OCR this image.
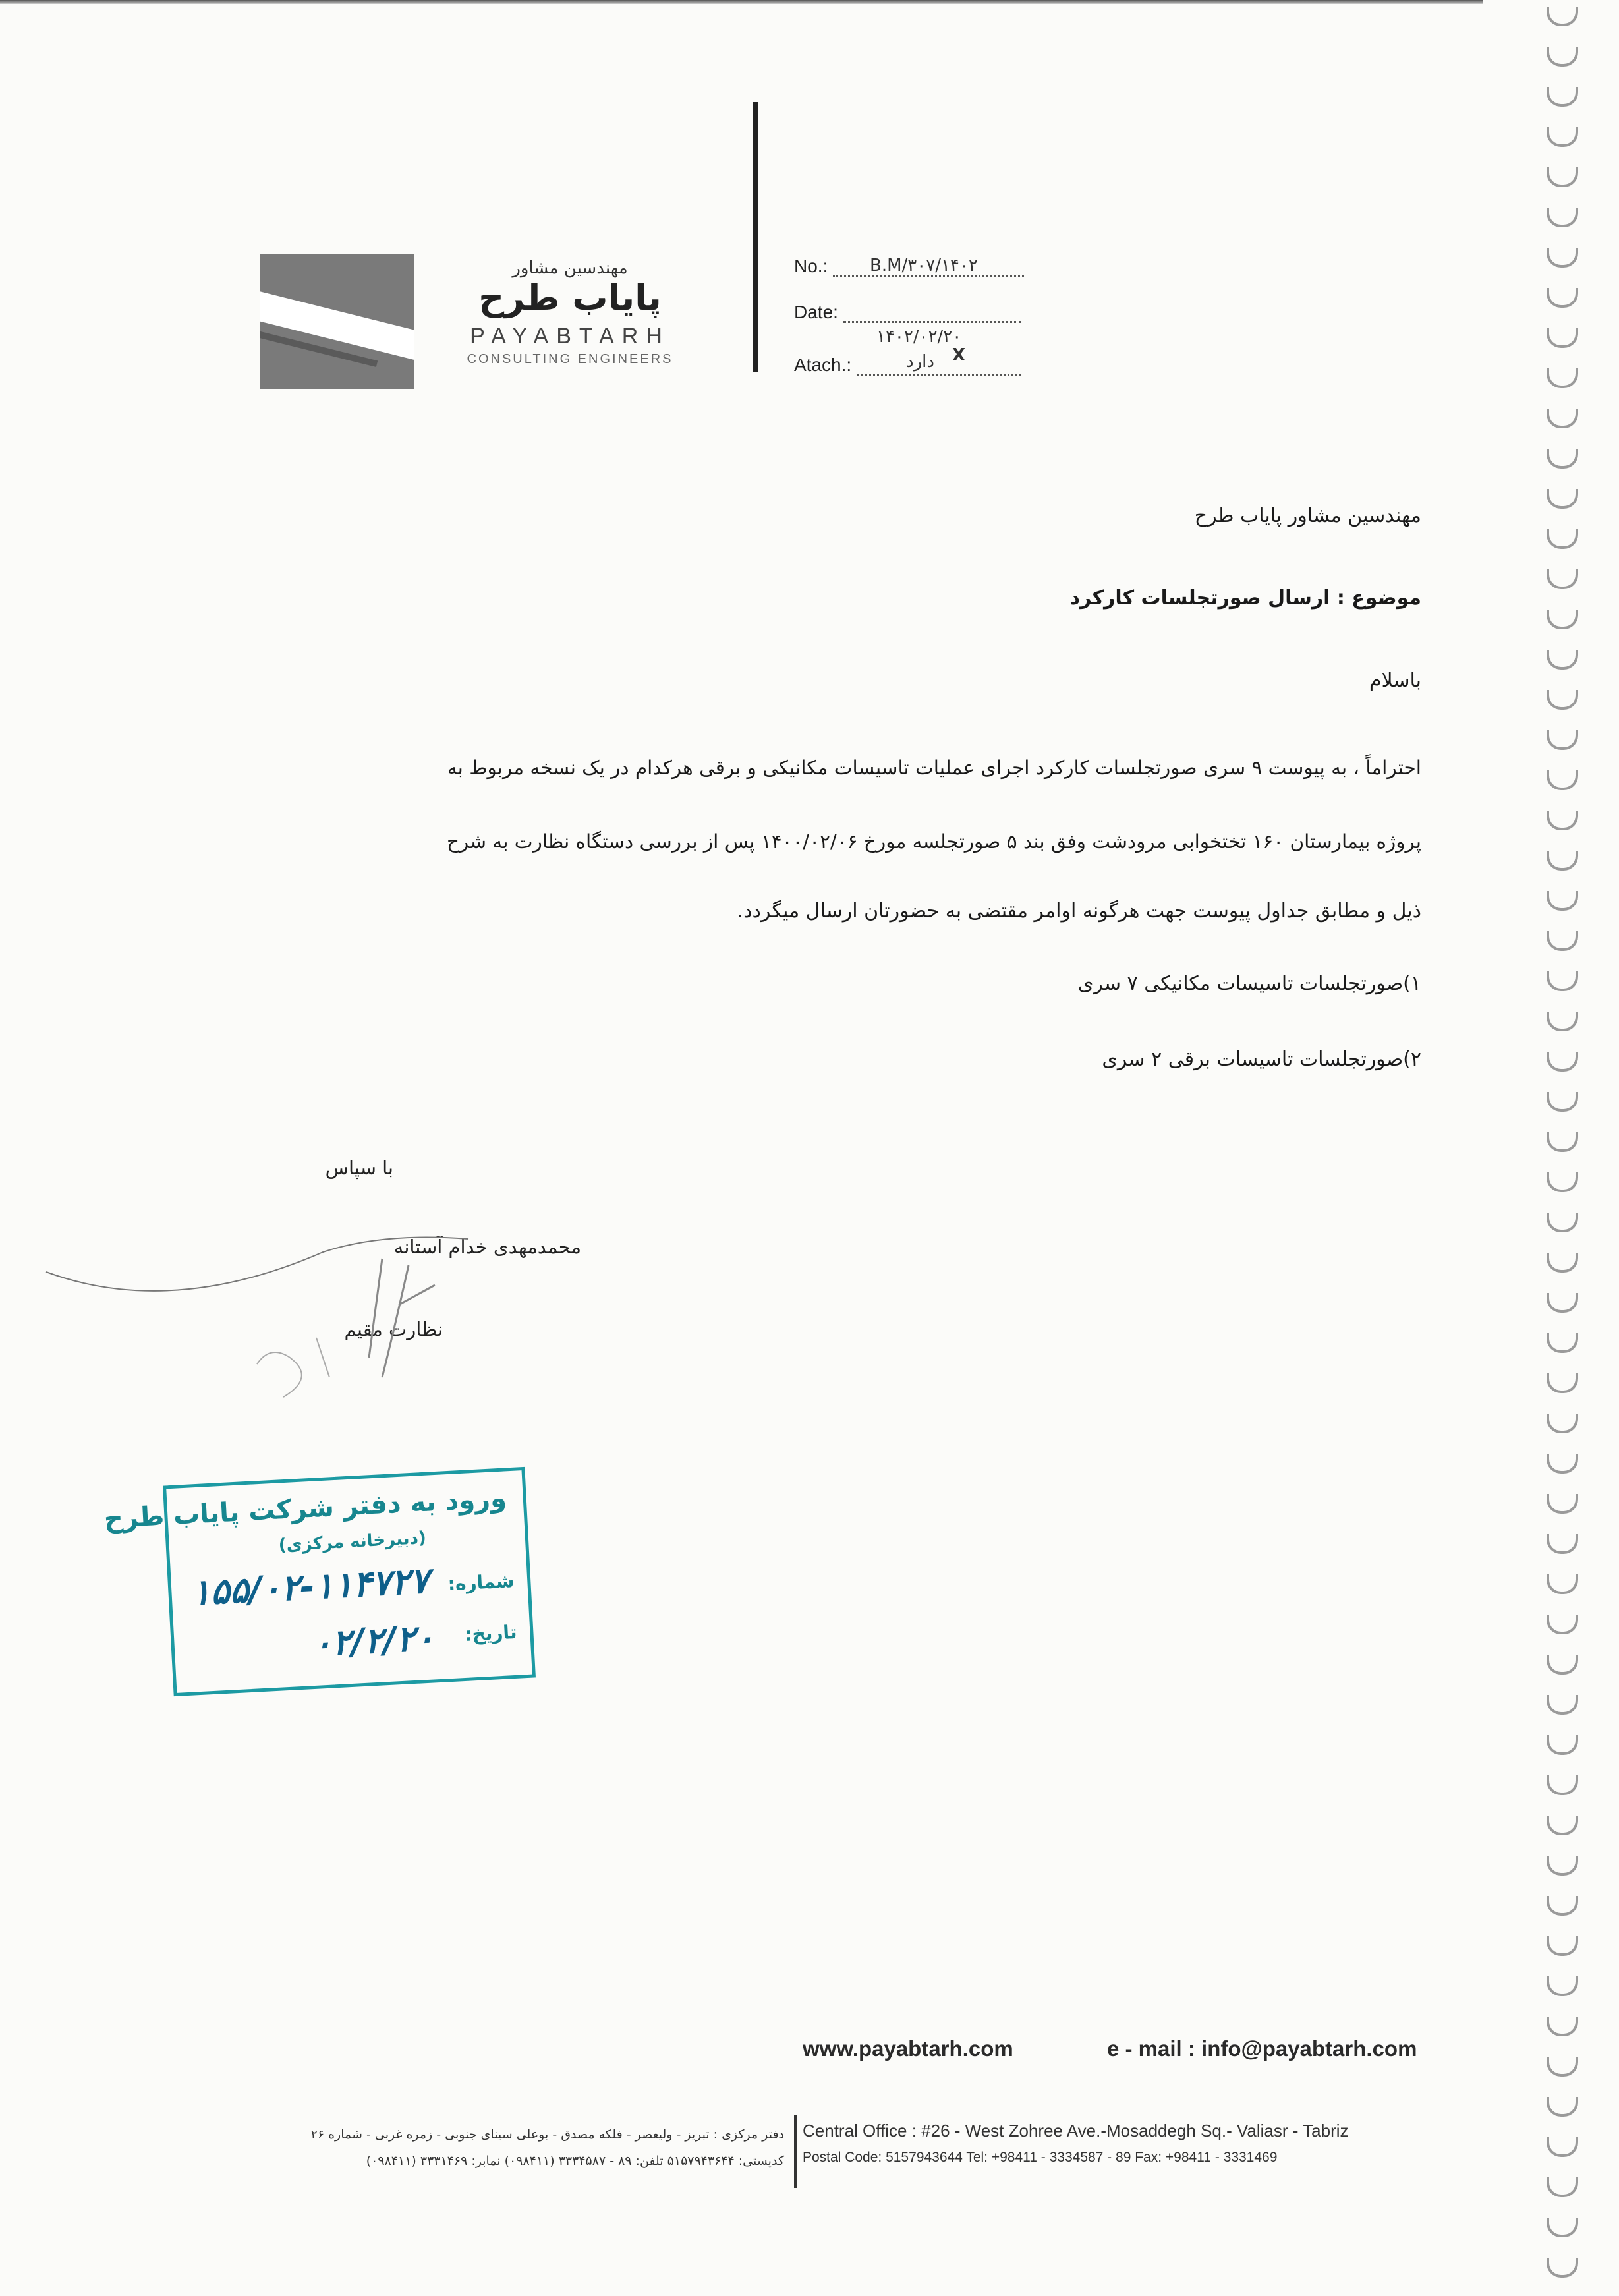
مهندسین مشاور
پایاب طرح
PAYABTARH
CONSULTING ENGINEERS
No.: B.M/۳۰۷/۱۴۰۲
Date:
۱۴۰۲/۰۲/۲۰
Atach.:	دارد X
مهندسین مشاور پایاب طرح
موضوع : ارسال صورتجلسات کارکرد
باسلام
احتراماً ، به پیوست ۹ سری صورتجلسات کارکرد اجرای عملیات تاسیسات مکانیکی و برقی هرکدام در یک نسخه مربوط به
پروژه بیمارستان ۱۶۰ تختخوابی مرودشت وفق بند ۵ صورتجلسه مورخ ۱۴۰۰/۰۲/۰۶ پس از بررسی دستگاه نظارت به شرح
ذیل و مطابق جداول پیوست جهت هرگونه اوامر مقتضی به حضورتان ارسال میگردد.
۱)صورتجلسات تاسیسات مکانیکی ۷ سری
۲)صورتجلسات تاسیسات برقی ۲ سری
با سپاس
محمدمهدی خدام آستانه
نظارت مقیم
ورود به دفتر شرکت پایاب طرح
(دبیرخانه مرکزی)
شماره:
تاریخ:
۱۵۵/۰۲-۱۱۴۷۲۷
۰۲/۲/۲۰
www.payabtarh.com	e - mail : info@payabtarh.com
دفتر مرکزی : تبریز - ولیعصر - فلکه مصدق - بوعلی سینای جنوبی - زمره غربی - شماره ۲۶
کدپستی: ۵۱۵۷۹۴۳۶۴۴ تلفن: ۸۹ - ۳۳۳۴۵۸۷ (۰۹۸۴۱۱) نمابر: ۳۳۳۱۴۶۹ (۰۹۸۴۱۱)
Central Office : #26 - West Zohree Ave.-Mosaddegh Sq.- Valiasr - Tabriz
Postal Code: 5157943644 Tel: +98411 - 3334587 - 89 Fax: +98411 - 3331469
